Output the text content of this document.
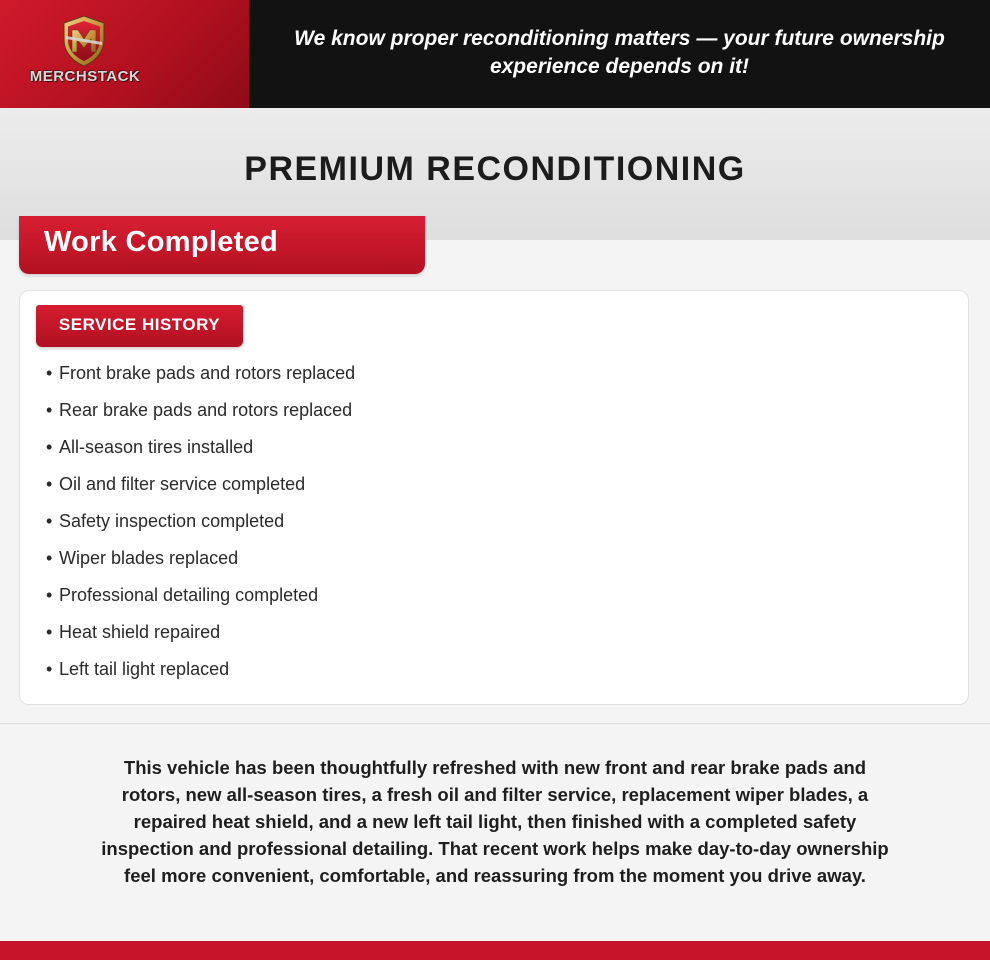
MERCHSTACK
We know proper reconditioning matters — your future ownership experience depends on it!
PREMIUM RECONDITIONING
Work Completed
SERVICE HISTORY
• Front brake pads and rotors replaced
• Rear brake pads and rotors replaced
• All-season tires installed
• Oil and filter service completed
• Safety inspection completed
• Wiper blades replaced
• Professional detailing completed
• Heat shield repaired
• Left tail light replaced
This vehicle has been thoughtfully refreshed with new front and rear brake pads and rotors, new all-season tires, a fresh oil and filter service, replacement wiper blades, a repaired heat shield, and a new left tail light, then finished with a completed safety inspection and professional detailing. That recent work helps make day-to-day ownership feel more convenient, comfortable, and reassuring from the moment you drive away.
